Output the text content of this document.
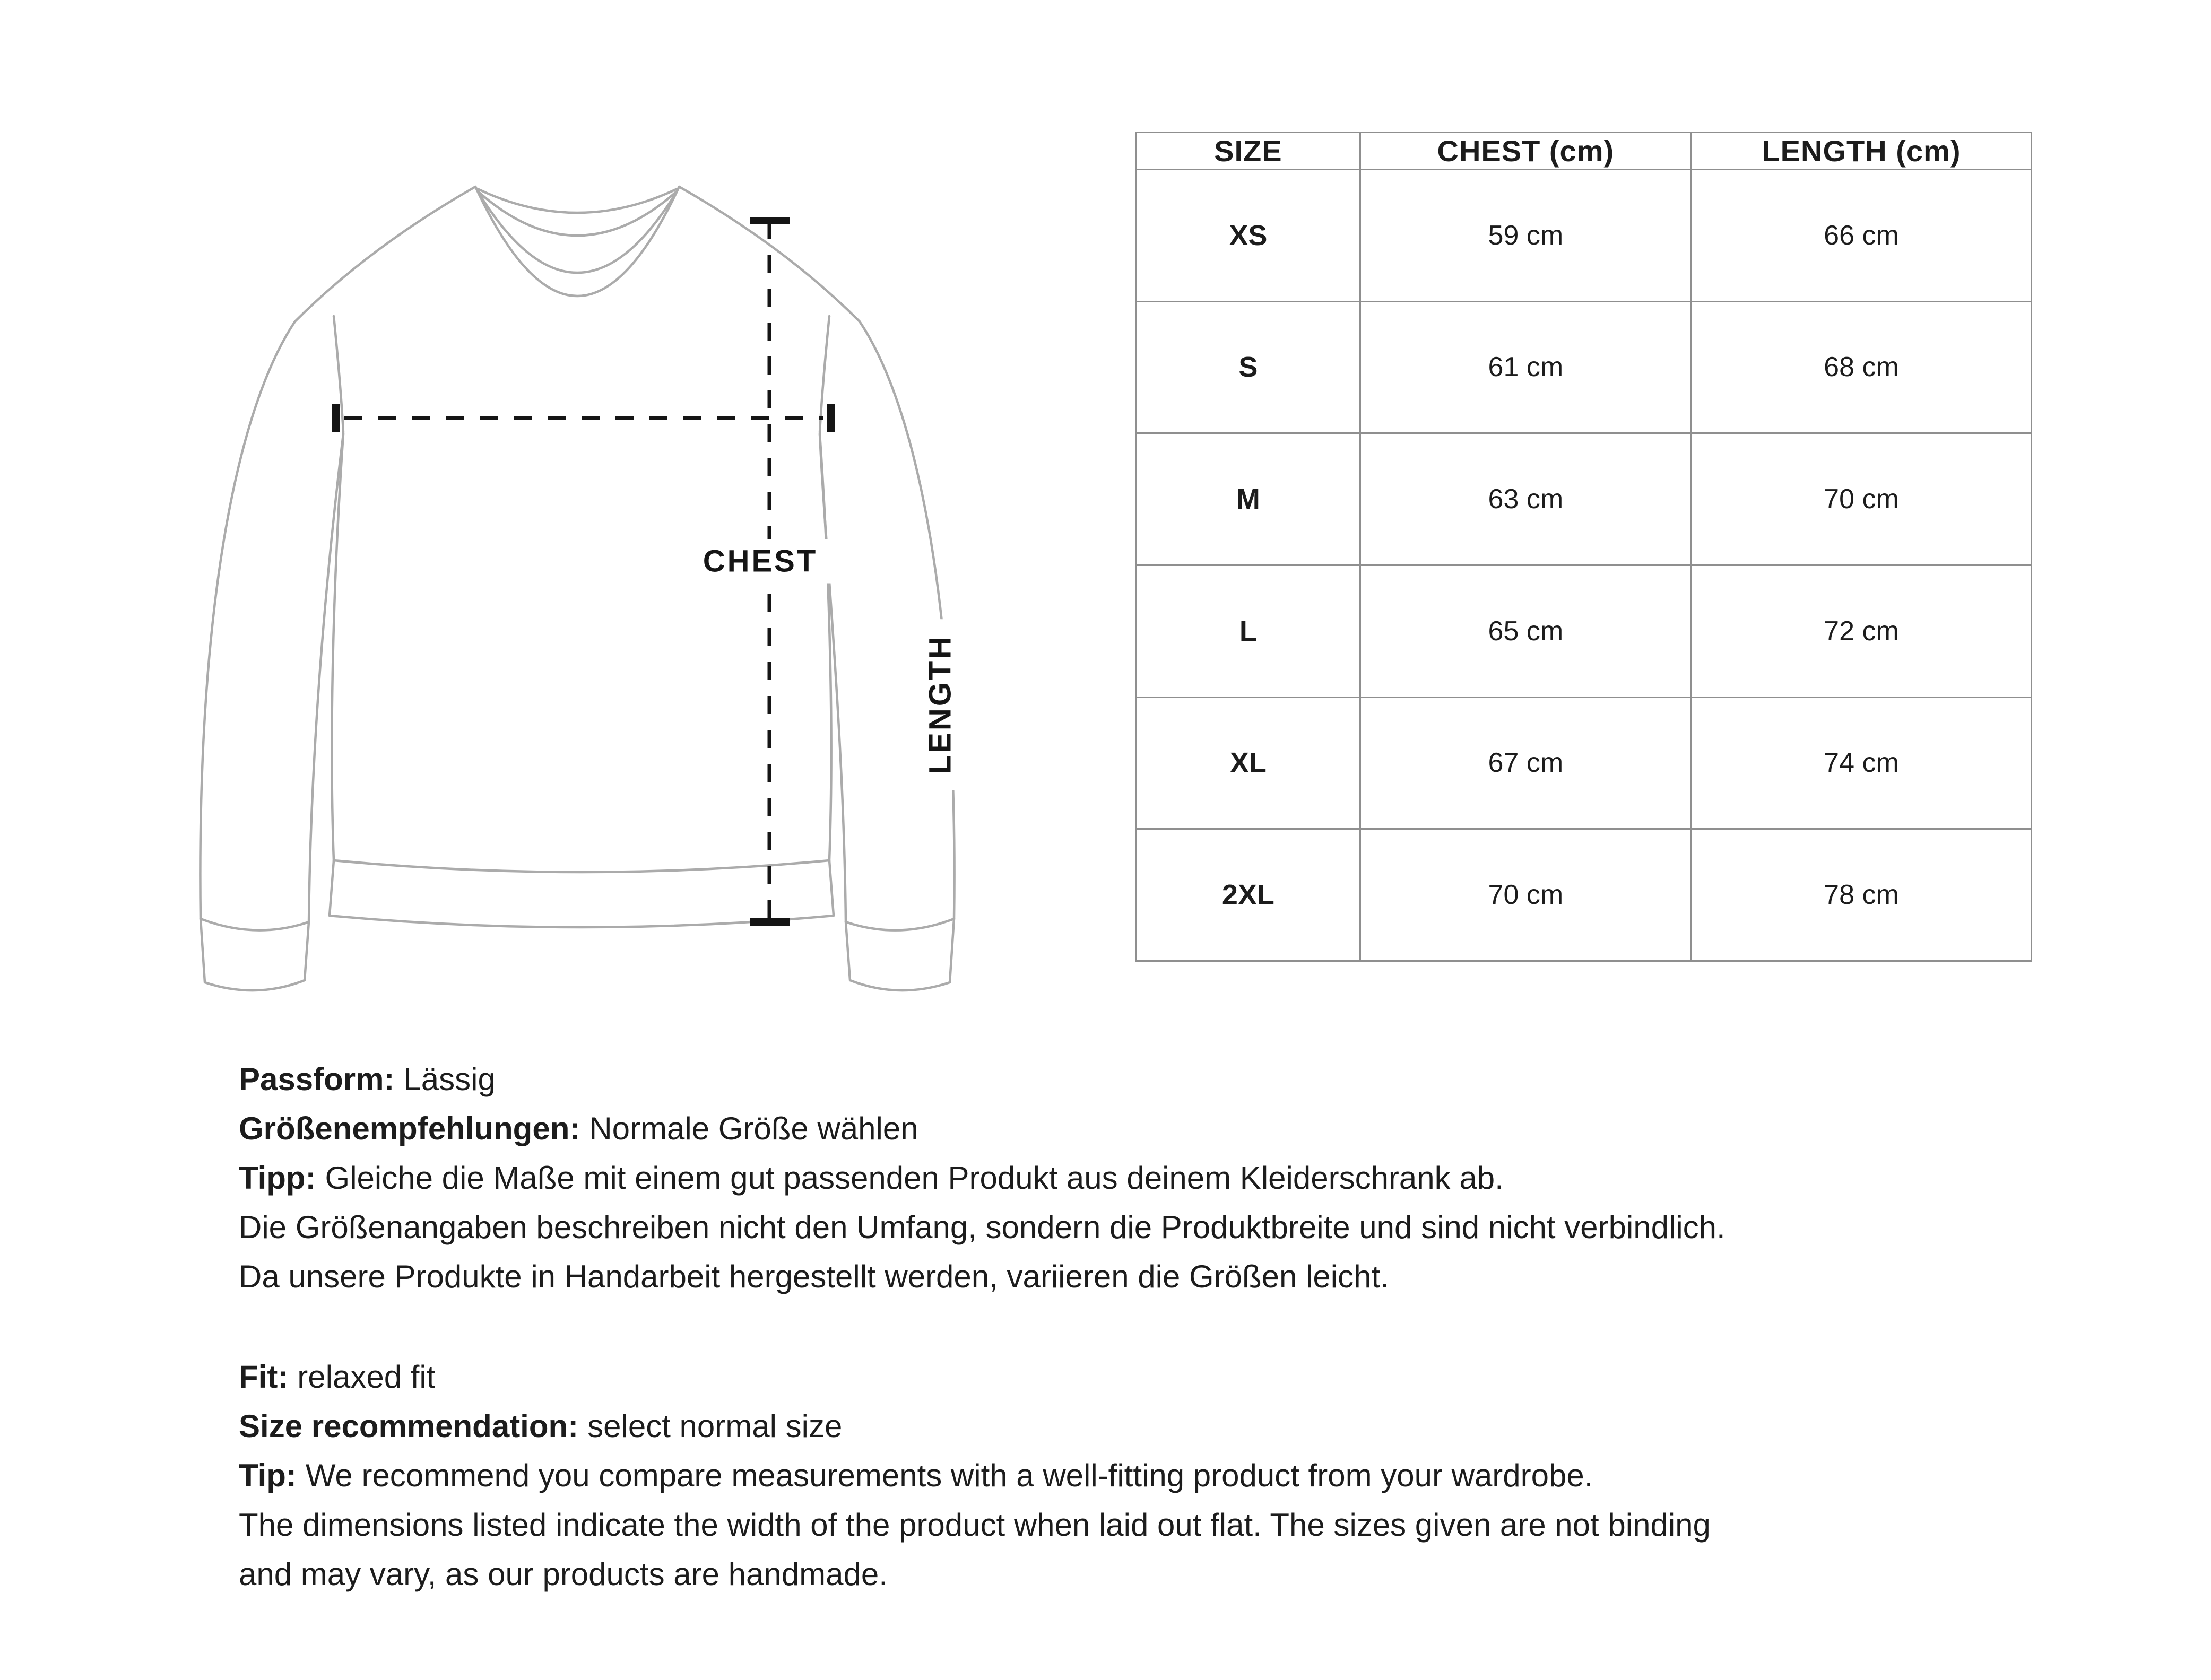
CHEST
LENGTH
SIZE	CHEST (cm)	LENGTH (cm)
XS	59 cm	66 cm
S	61 cm	68 cm
M	63 cm	70 cm
L	65 cm	72 cm
XL	67 cm	74 cm
2XL	70 cm	78 cm

Passform: Lässig

Größenempfehlungen: Normale Größe wählen

Tipp: Gleiche die Maße mit einem gut passenden Produkt aus deinem Kleiderschrank ab.

Die Größenangaben beschreiben nicht den Umfang, sondern die Produktbreite und sind nicht verbindlich.

Da unsere Produkte in Handarbeit hergestellt werden, variieren die Größen leicht.

Fit: relaxed fit

Size recommendation: select normal size

Tip: We recommend you compare measurements with a well-fitting product from your wardrobe.

The dimensions listed indicate the width of the product when laid out flat. The sizes given are not binding

and may vary, as our products are handmade.
